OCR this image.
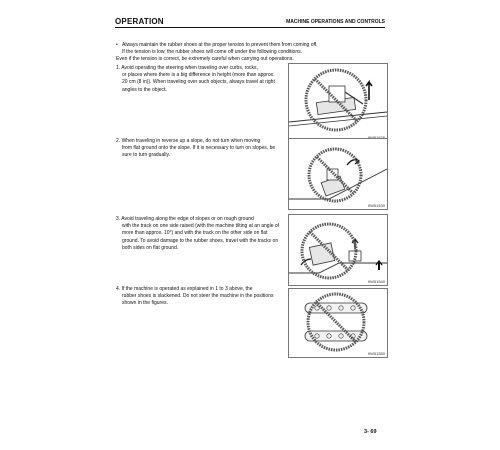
OPERATION	MACHINE OPERATIONS AND CONTROLS

• Always maintain the rubber shoes at the proper tension to prevent them from coming off.

If the tension is low, the rubber shoes will come off under the following conditions.

Even if the tension is correct, be extremely careful when carrying out operations.

1. Avoid operating the steering when traveling over curbs, rocks,

or places where there is a big difference in height (more than approx. 20 cm (8 in)). When traveling over such objects, always travel at right angles to the object.

2. When traveling in reverse up a slope, do not turn when moving

from flat ground onto the slope. If it is necessary to turn on slopes, be sure to turn gradually.

3. Avoid traveling along the edge of slopes or on rough ground

with the track on one side raised (with the machine tilting at an angle of more than approx. 10°) and with the track on the other side on flat ground. To avoid damage to the rubber shoes, travel with the tracks on both sides on flat ground.

4. If the machine is operated as explained in 1 to 3 above, the

rubber shoes is slackened. Do not steer the machine in the positions shown in the figures.

9W51530
9W51540
9W51550
3- 69
